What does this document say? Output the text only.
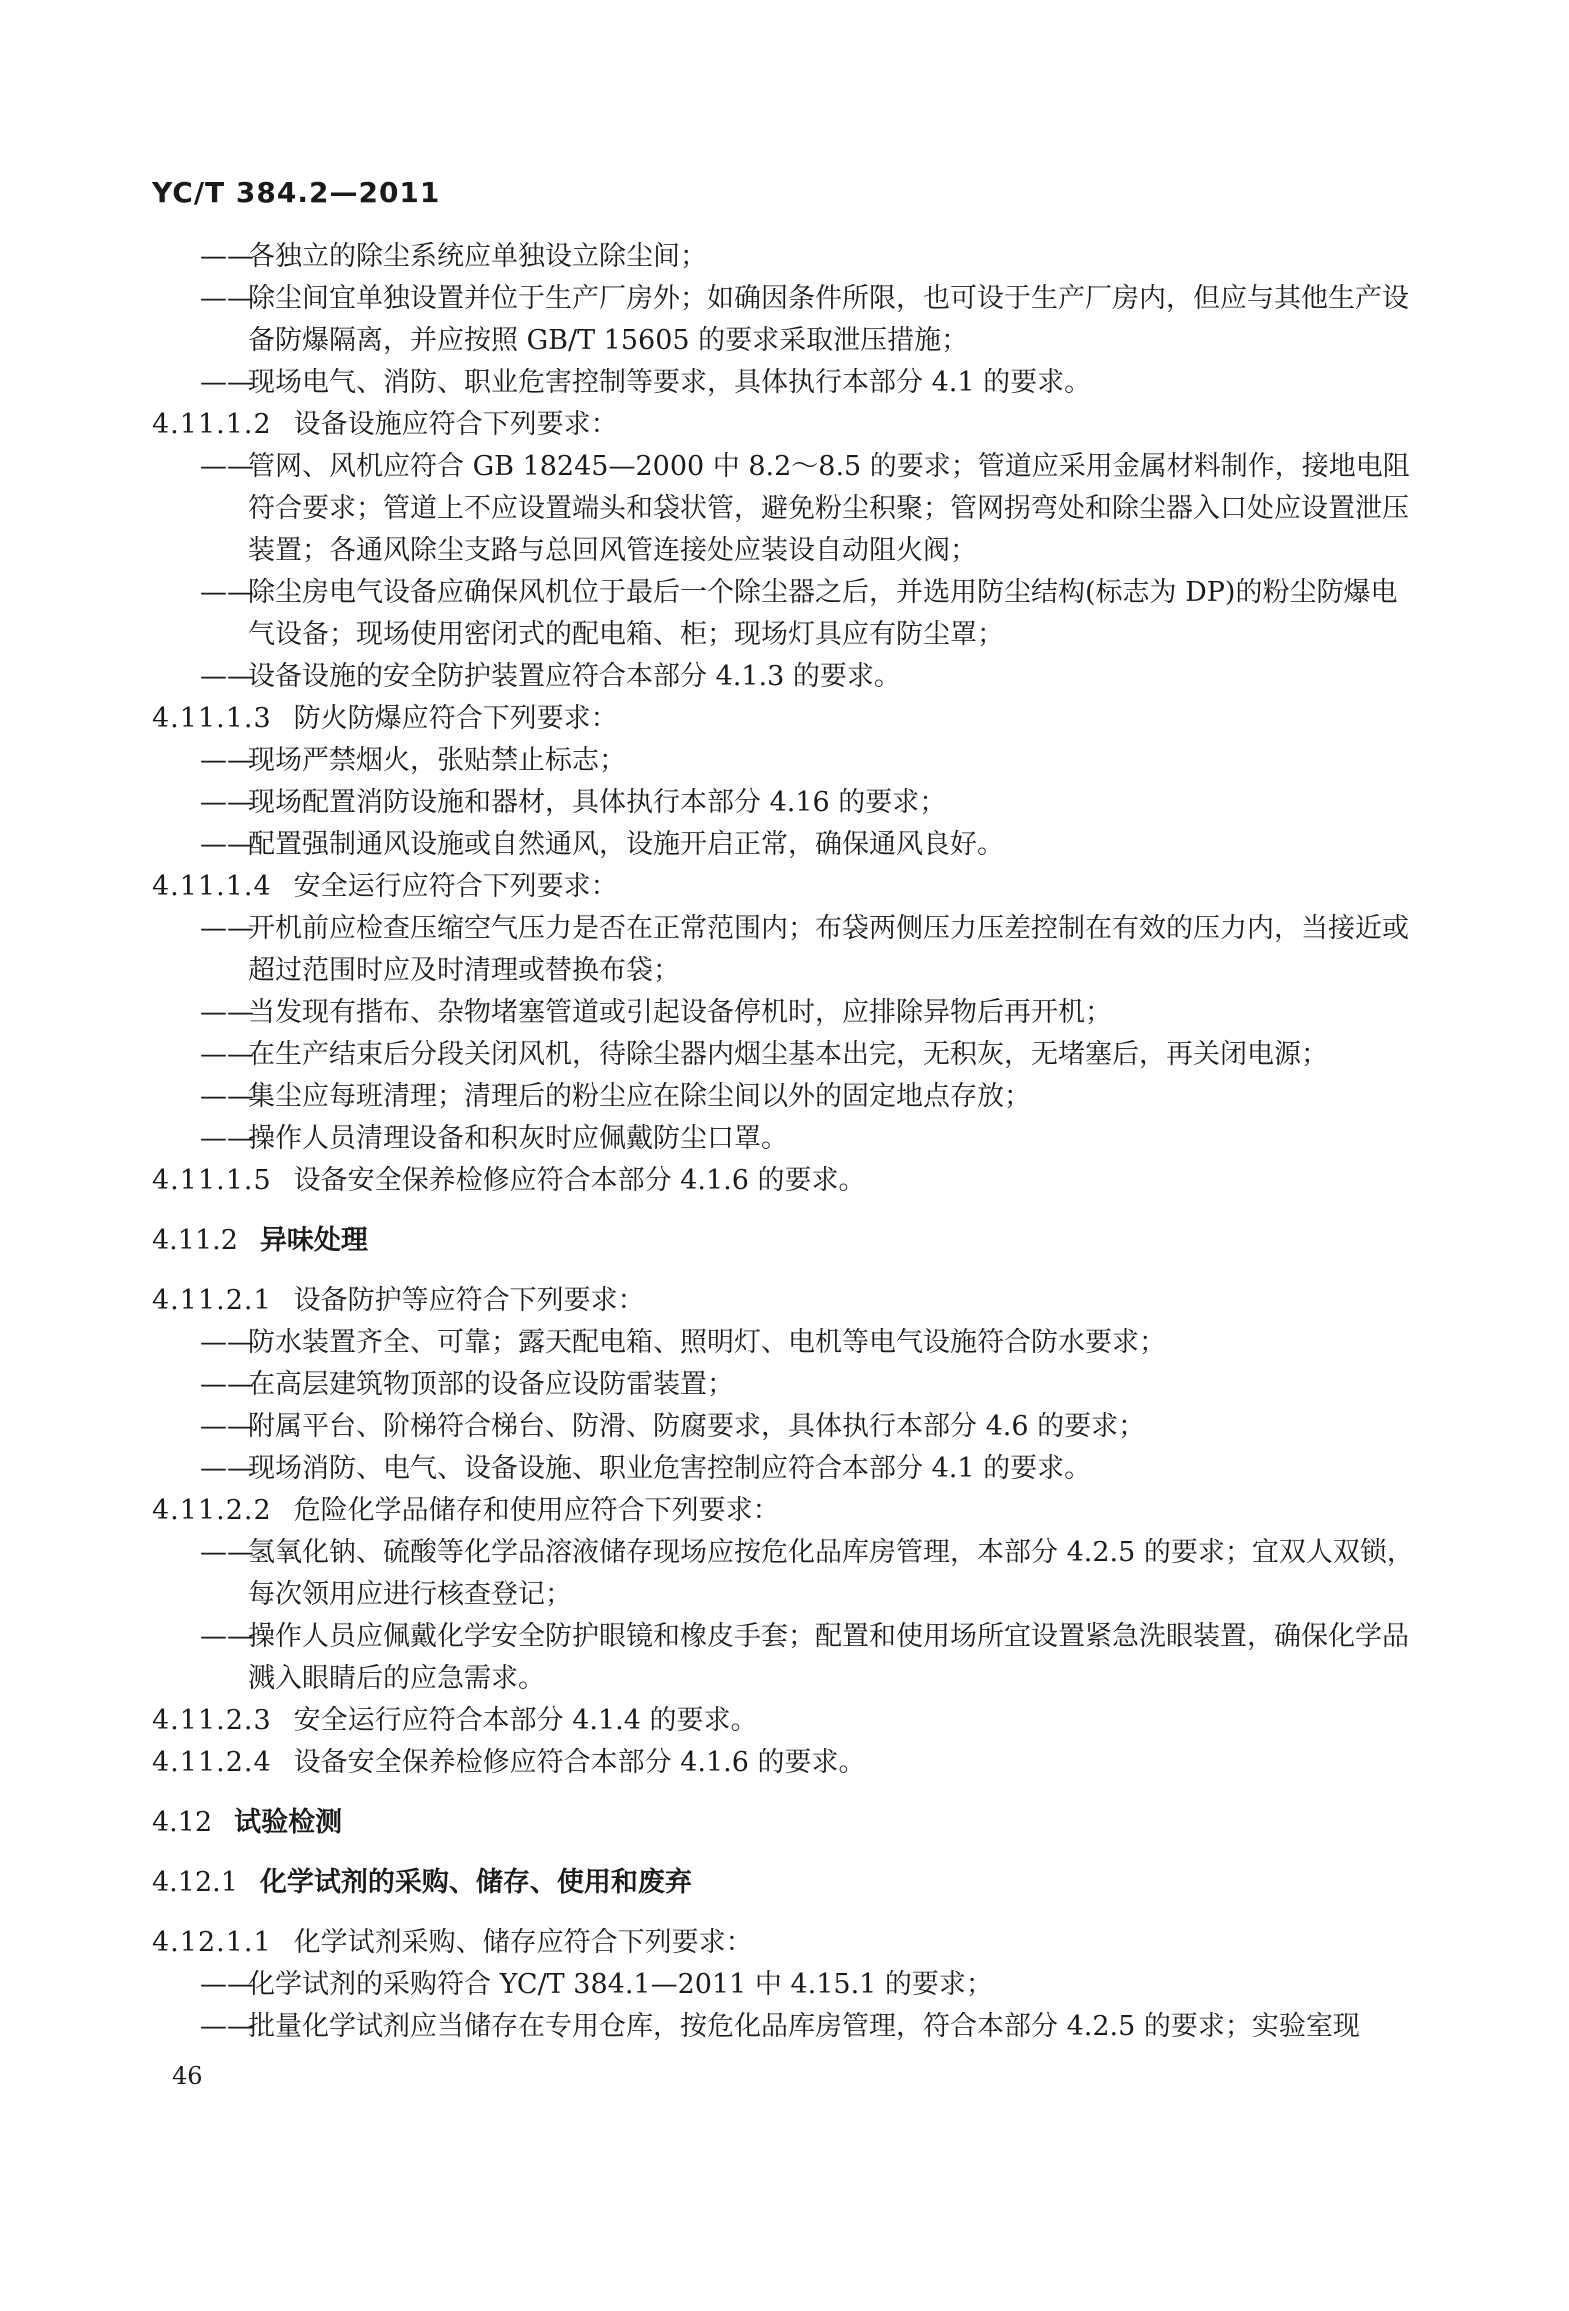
YC/T 384.2—2011
——各独立的除尘系统应单独设立除尘间；
——除尘间宜单独设置并位于生产厂房外；如确因条件所限，也可设于生产厂房内，但应与其他生产设备防爆隔离，并应按照 GB/T 15605 的要求采取泄压措施；
——现场电气、消防、职业危害控制等要求，具体执行本部分 4.1 的要求。
4.11.1.2 设备设施应符合下列要求：
——管网、风机应符合 GB 18245—2000 中 8.2～8.5 的要求；管道应采用金属材料制作，接地电阻符合要求；管道上不应设置端头和袋状管，避免粉尘积聚；管网拐弯处和除尘器入口处应设置泄压装置；各通风除尘支路与总回风管连接处应装设自动阻火阀；
——除尘房电气设备应确保风机位于最后一个除尘器之后，并选用防尘结构(标志为 DP)的粉尘防爆电气设备；现场使用密闭式的配电箱、柜；现场灯具应有防尘罩；
——设备设施的安全防护装置应符合本部分 4.1.3 的要求。
4.11.1.3 防火防爆应符合下列要求：
——现场严禁烟火，张贴禁止标志；
——现场配置消防设施和器材，具体执行本部分 4.16 的要求；
——配置强制通风设施或自然通风，设施开启正常，确保通风良好。
4.11.1.4 安全运行应符合下列要求：
——开机前应检查压缩空气压力是否在正常范围内；布袋两侧压力压差控制在有效的压力内，当接近或超过范围时应及时清理或替换布袋；
——当发现有揩布、杂物堵塞管道或引起设备停机时，应排除异物后再开机；
——在生产结束后分段关闭风机，待除尘器内烟尘基本出完，无积灰，无堵塞后，再关闭电源；
——集尘应每班清理；清理后的粉尘应在除尘间以外的固定地点存放；
——操作人员清理设备和积灰时应佩戴防尘口罩。
4.11.1.5 设备安全保养检修应符合本部分 4.1.6 的要求。
4.11.2 异味处理
4.11.2.1 设备防护等应符合下列要求：
——防水装置齐全、可靠；露天配电箱、照明灯、电机等电气设施符合防水要求；
——在高层建筑物顶部的设备应设防雷装置；
——附属平台、阶梯符合梯台、防滑、防腐要求，具体执行本部分 4.6 的要求；
——现场消防、电气、设备设施、职业危害控制应符合本部分 4.1 的要求。
4.11.2.2 危险化学品储存和使用应符合下列要求：
——氢氧化钠、硫酸等化学品溶液储存现场应按危化品库房管理，本部分 4.2.5 的要求；宜双人双锁，每次领用应进行核查登记；
——操作人员应佩戴化学安全防护眼镜和橡皮手套；配置和使用场所宜设置紧急洗眼装置，确保化学品溅入眼睛后的应急需求。
4.11.2.3 安全运行应符合本部分 4.1.4 的要求。
4.11.2.4 设备安全保养检修应符合本部分 4.1.6 的要求。
4.12 试验检测
4.12.1 化学试剂的采购、储存、使用和废弃
4.12.1.1 化学试剂采购、储存应符合下列要求：
——化学试剂的采购符合 YC/T 384.1—2011 中 4.15.1 的要求；
——批量化学试剂应当储存在专用仓库，按危化品库房管理，符合本部分 4.2.5 的要求；实验室现
46
